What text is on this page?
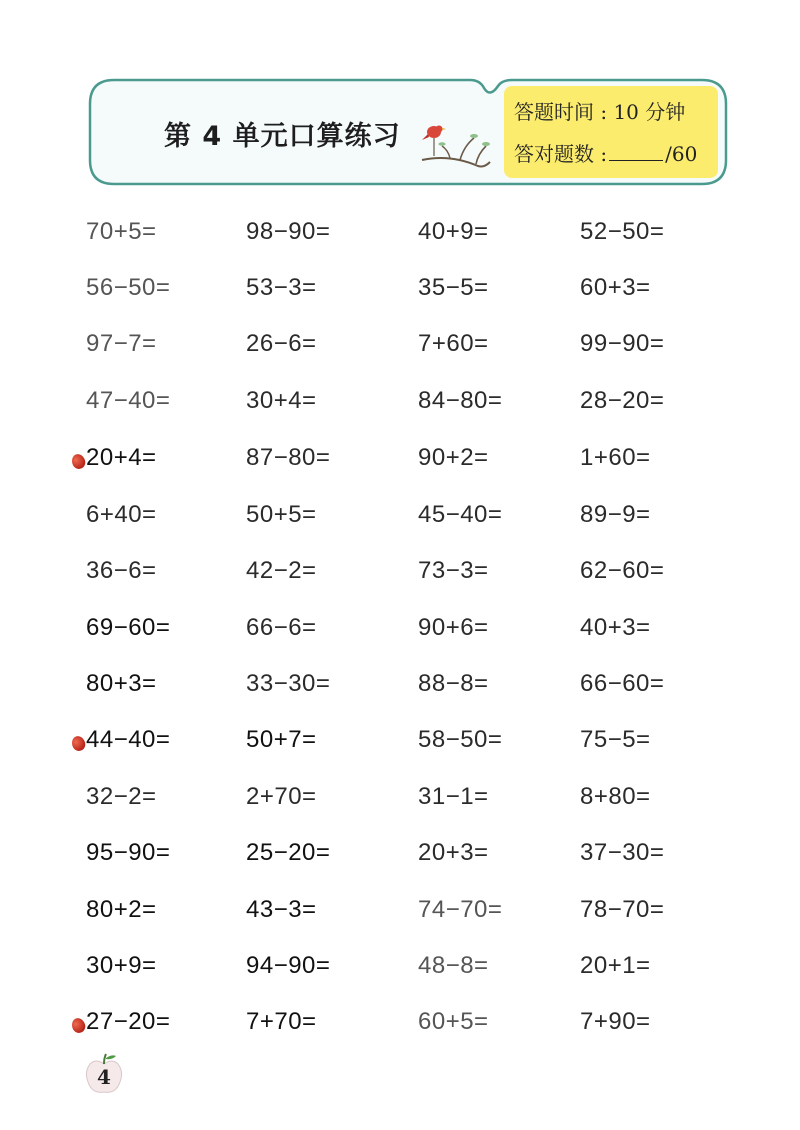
第 4 单元口算练习
答题时间 : 10 分钟
答对题数 :	/60
70+5=	98−90=	40+9=	52−50=
56−50=	53−3=	35−5=	60+3=
97−7=	26−6=	7+60=	99−90=
47−40=	30+4=	84−80=	28−20=
20+4=	87−80=	90+2=	1+60=
6+40=	50+5=	45−40=	89−9=
36−6=	42−2=	73−3=	62−60=
69−60=	66−6=	90+6=	40+3=
80+3=	33−30=	88−8=	66−60=
44−40=	50+7=	58−50=	75−5=
32−2=	2+70=	31−1=	8+80=
95−90=	25−20=	20+3=	37−30=
80+2=	43−3=	74−70=	78−70=
30+9=	94−90=	48−8=	20+1=
27−20=	7+70=	60+5=	7+90=
4
